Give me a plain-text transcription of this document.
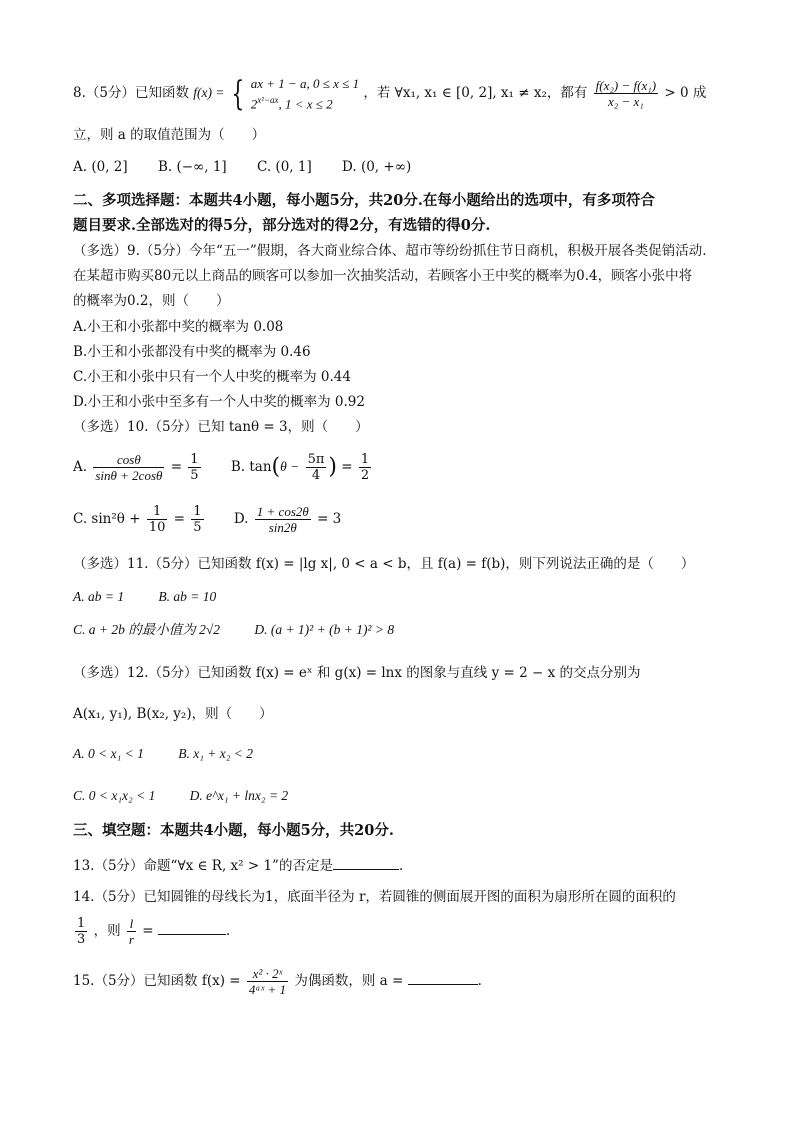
8.（5分）已知函数 f(x) = { ax + 1 − a, 0 ≤ x ≤ 1
$2^{x^2-ax}$, 1 < x ≤ 2
，若 ∀x₁, x₁ ∈ [0, 2], x₁ ≠ x₂，都有 $\frac{\text{f(x₂) − f(x₁)}}{\text{x₂ − x₁}} > 0$ 成
立，则 a 的取值范围为（　　）
A. (0, 2] B. (−∞, 1] C. (0, 1] D. (0, +∞)
二、多项选择题：本题共4小题，每小题5分，共20分.在每小题给出的选项中，有多项符合
题目要求.全部选对的得5分，部分选对的得2分，有选错的得0分.
（多选）9.（5分）今年“五一”假期，各大商业综合体、超市等纷纷抓住节日商机，积极开展各类促销活动.
在某超市购买80元以上商品的顾客可以参加一次抽奖活动，若顾客小王中奖的概率为0.4，顾客小张中将
的概率为0.2，则（　　）
A.小王和小张都中奖的概率为 0.08
B.小王和小张都没有中奖的概率为 0.46
C.小王和小张中只有一个人中奖的概率为 0.44
D.小王和小张中至多有一个人中奖的概率为 0.92
（多选）10.（5分）已知 tanθ = 3，则（　　）
A. $\frac{\cos\theta}{\sin\theta + 2\cos\theta} = \frac{1}{5} B$. $\tan(\theta - \frac{5\pi}{4}$ ) = $\frac{1}{2}$
C. $\sin^2\theta + \frac{1}{10} = \frac{1}{5} D$. $\frac{1 + \cos 2\theta}{\sin 2\theta} = 3$
（多选）11.（5分）已知函数 f(x) = |lg x|, 0 < a < b，且 f(a) = f(b)，则下列说法正确的是（　　）
A. ab = 1	B. ab = 10
C. a + 2b 的最小值为 2√2	D. (a + 1)² + (b + 1)² > 8
（多选）12.（5分）已知函数 f(x) = eˣ 和 g(x) = lnx 的图象与直线 y = 2 − x 的交点分别为
A(x₁, y₁), B(x₂, y₂)，则（　　）
A. 0 < x₁ < 1	B. x₁ + x₂ < 2
C. 0 < x₁x₂ < 1	D. e^x₁ + lnx₂ = 2
三、填空题：本题共4小题，每小题5分，共20分.
13.（5分）命题“∀x ∈ R, x² > 1”的否定是	.
14.（5分）已知圆锥的母线长为1，底面半径为 r，若圆锥的侧面展开图的面积为扇形所在圆的面积的
$\frac{1}{3}$ ，则 $\frac{l}{r}$ =	.
15.（5分）已知函数 $f(x) = \frac{\text{x² · 2ˣ}}{\text{4ᵃˣ + 1}}$ 为偶函数，则 a =	.
